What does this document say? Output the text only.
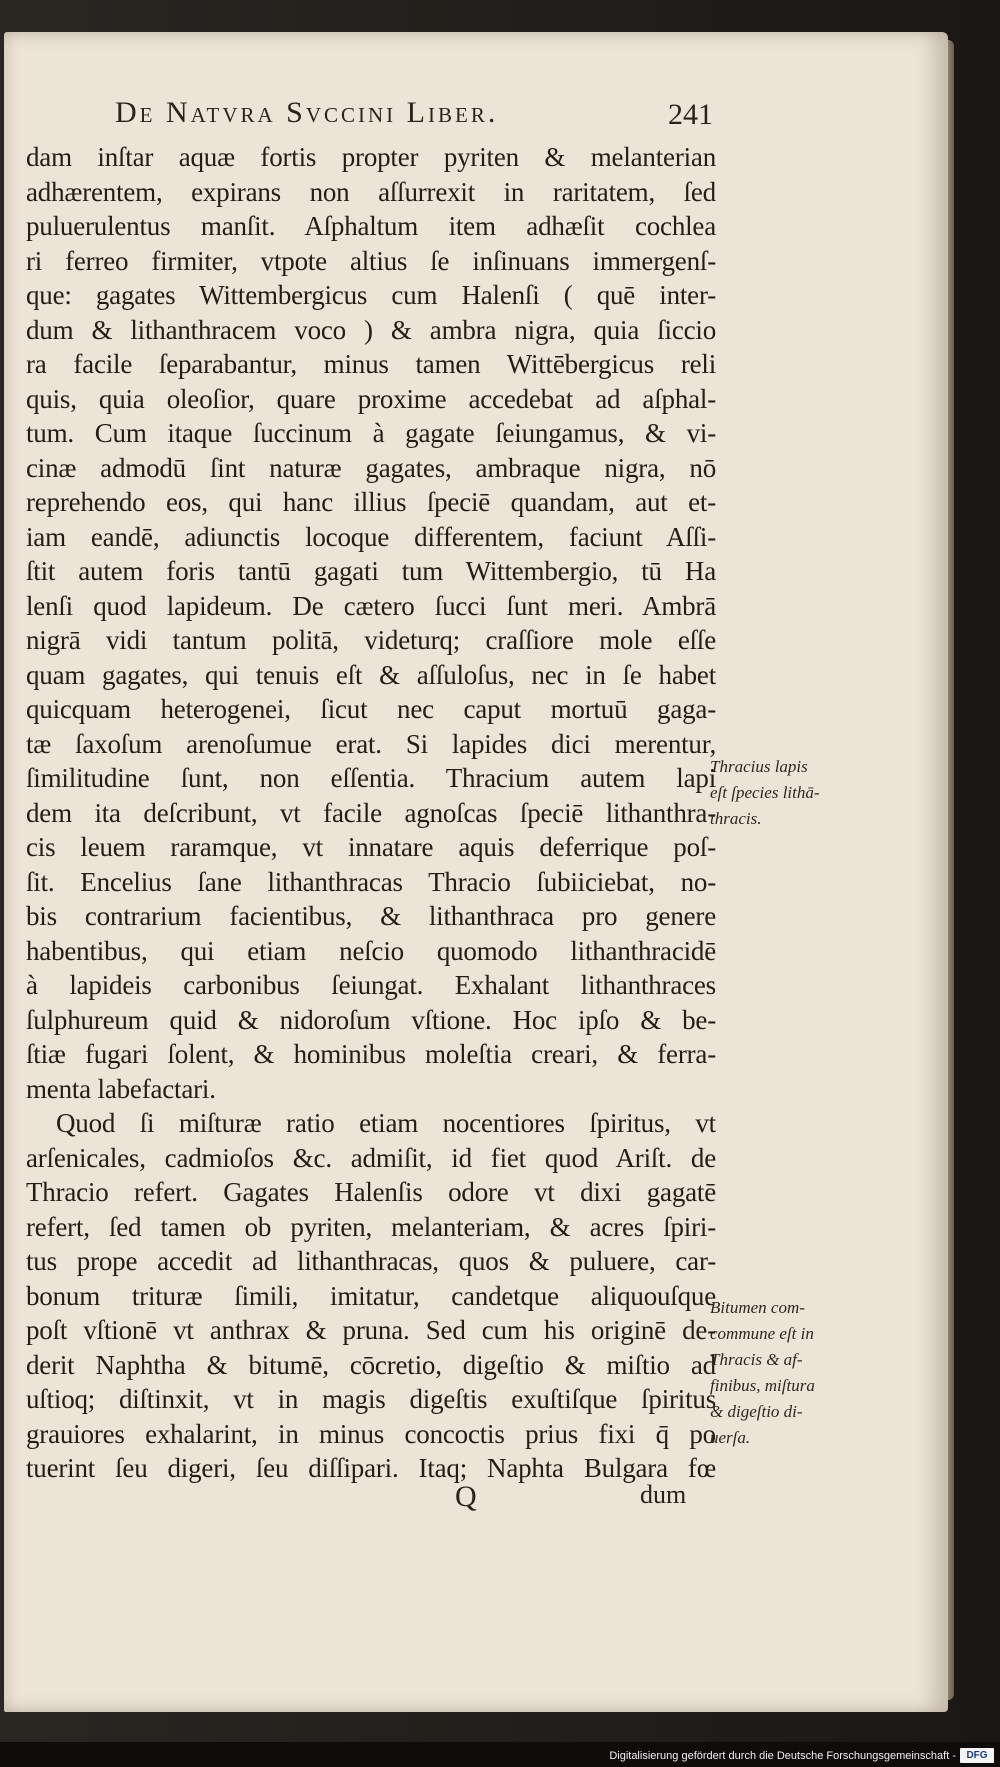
De Natvra Svccini Liber.	241
dam inſtar aquæ fortis propter pyriten & melanterian
adhærentem, expirans non aſſurrexit in raritatem, ſed
puluerulentus manſit. Aſphaltum item adhæſit cochlea
ri ferreo firmiter, vtpote altius ſe inſinuans immergenſ-
que: gagates Wittembergicus cum Halenſi ( quē inter-
dum & lithanthracem voco ) & ambra nigra, quia ſiccio
ra facile ſeparabantur, minus tamen Wittēbergicus reli
quis, quia oleoſior, quare proxime accedebat ad aſphal-
tum. Cum itaque ſuccinum à gagate ſeiungamus, & vi-
cinæ admodū ſint naturæ gagates, ambraque nigra, nō
reprehendo eos, qui hanc illius ſpeciē quandam, aut et-
iam eandē, adiunctis locoque differentem, faciunt Aſſi-
ſtit autem foris tantū gagati tum Wittembergio, tū Ha
lenſi quod lapideum. De cætero ſucci ſunt meri. Ambrā
nigrā vidi tantum politā, videturq; craſſiore mole eſſe
quam gagates, qui tenuis eſt & aſſuloſus, nec in ſe habet
quicquam heterogenei, ſicut nec caput mortuū gaga-
tæ ſaxoſum arenoſumue erat. Si lapides dici merentur,
ſimilitudine ſunt, non eſſentia. Thracium autem lapi
dem ita deſcribunt, vt facile agnoſcas ſpeciē lithanthra-
cis leuem raramque, vt innatare aquis deferrique poſ-
ſit. Encelius ſane lithanthracas Thracio ſubiiciebat, no-
bis contrarium facientibus, & lithanthraca pro genere
habentibus, qui etiam neſcio quomodo lithanthracidē
à lapideis carbonibus ſeiungat. Exhalant lithanthraces
ſulphureum quid & nidoroſum vſtione. Hoc ipſo & be-
ſtiæ fugari ſolent, & hominibus moleſtia creari, & ferra-
menta labefactari.
Quod ſi miſturæ ratio etiam nocentiores ſpiritus, vt
arſenicales, cadmioſos &c. admiſit, id fiet quod Ariſt. de
Thracio refert. Gagates Halenſis odore vt dixi gagatē
refert, ſed tamen ob pyriten, melanteriam, & acres ſpiri-
tus prope accedit ad lithanthracas, quos & puluere, car-
bonum trituræ ſimili, imitatur, candetque aliquouſque
poſt vſtionē vt anthrax & pruna. Sed cum his originē de-
derit Naphtha & bitumē, cōcretio, digeſtio & miſtio ad
uſtioq; diſtinxit, vt in magis digeſtis exuſtiſque ſpiritus
grauiores exhalarint, in minus concoctis prius fixi q̄ po
tuerint ſeu digeri, ſeu diſſipari. Itaq; Naphta Bulgara fœ
Thracius lapis
eſt ſpecies lithā-
thracis.
Bitumen com-
commune eſt in
Thracis & af-
finibus, miſtura
& digeſtio di-
uerſa.
Q	dum
Digitalisierung gefördert durch die Deutsche Forschungsgemeinschaft -	DFG
